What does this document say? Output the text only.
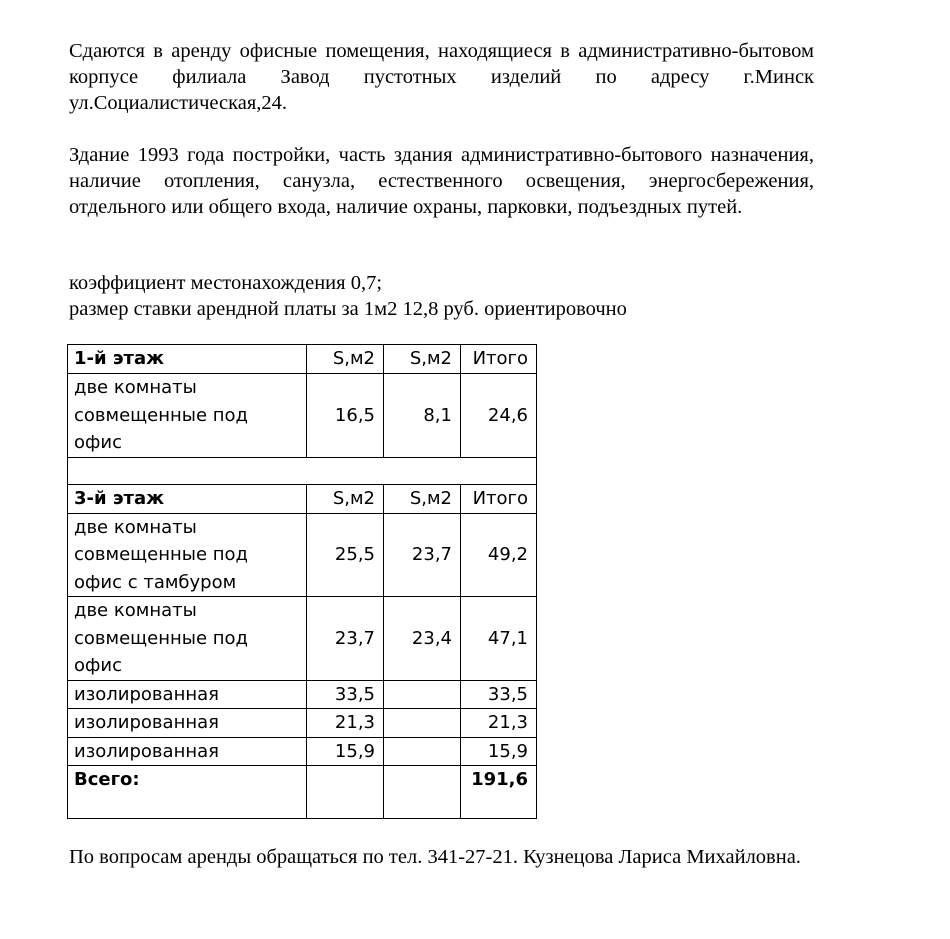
Сдаются в аренду офисные помещения, находящиеся в административно-бытовом корпусе филиала Завод пустотных изделий по адресу г.Минск ул.Социалистическая,24.

Здание 1993 года постройки, часть здания административно-бытового назначения, наличие отопления, санузла, естественного освещения, энергосбережения, отдельного или общего входа, наличие охраны, парковки, подъездных путей.

коэффициент местонахождения 0,7;

размер ставки арендной платы за 1м2 12,8 руб. ориентировочно

1-й этаж	S,м2	S,м2	Итого
две комнаты совмещенные под офис	16,5	8,1	24,6

3-й этаж	S,м2	S,м2	Итого
две комнаты совмещенные под офис с тамбуром	25,5	23,7	49,2
две комнаты совмещенные под офис	23,7	23,4	47,1
изолированная	33,5		33,5
изолированная	21,3		21,3
изолированная	15,9		15,9
Всего:			191,6

По вопросам аренды обращаться по тел. 341-27-21. Кузнецова Лариса Михайловна.
